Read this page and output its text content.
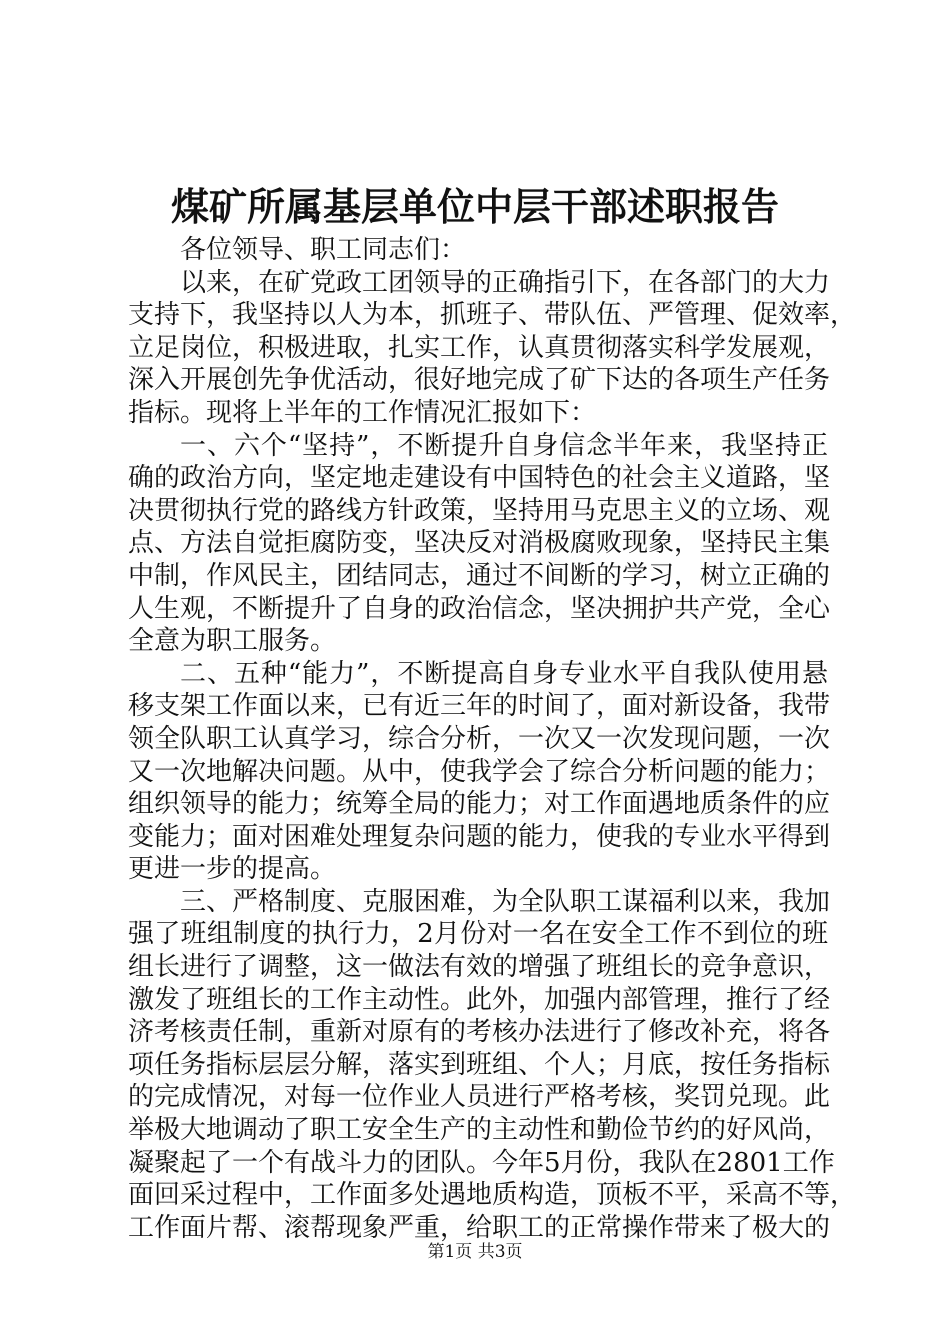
煤矿所属基层单位中层干部述职报告
各位领导、职工同志们：
以来，在矿党政工团领导的正确指引下，在各部门的大力
支持下，我坚持以人为本，抓班子、带队伍、严管理、促效率，
立足岗位，积极进取，扎实工作，认真贯彻落实科学发展观，
深入开展创先争优活动，很好地完成了矿下达的各项生产任务
指标。现将上半年的工作情况汇报如下：
一、六个“坚持”，不断提升自身信念半年来，我坚持正
确的政治方向，坚定地走建设有中国特色的社会主义道路，坚
决贯彻执行党的路线方针政策，坚持用马克思主义的立场、观
点、方法自觉拒腐防变，坚决反对消极腐败现象，坚持民主集
中制，作风民主，团结同志，通过不间断的学习，树立正确的
人生观，不断提升了自身的政治信念，坚决拥护共产党，全心
全意为职工服务。
二、五种“能力”，不断提高自身专业水平自我队使用悬
移支架工作面以来，已有近三年的时间了，面对新设备，我带
领全队职工认真学习，综合分析，一次又一次发现问题，一次
又一次地解决问题。从中，使我学会了综合分析问题的能力；
组织领导的能力；统筹全局的能力；对工作面遇地质条件的应
变能力；面对困难处理复杂问题的能力，使我的专业水平得到
更进一步的提高。
三、严格制度、克服困难，为全队职工谋福利以来，我加
强了班组制度的执行力，2月份对一名在安全工作不到位的班
组长进行了调整，这一做法有效的增强了班组长的竞争意识，
激发了班组长的工作主动性。此外，加强内部管理，推行了经
济考核责任制，重新对原有的考核办法进行了修改补充，将各
项任务指标层层分解，落实到班组、个人；月底，按任务指标
的完成情况，对每一位作业人员进行严格考核，奖罚兑现。此
举极大地调动了职工安全生产的主动性和勤俭节约的好风尚，
凝聚起了一个有战斗力的团队。今年5月份，我队在2801工作
面回采过程中，工作面多处遇地质构造，顶板不平，采高不等，
工作面片帮、滚帮现象严重，给职工的正常操作带来了极大的
第1页 共3页
